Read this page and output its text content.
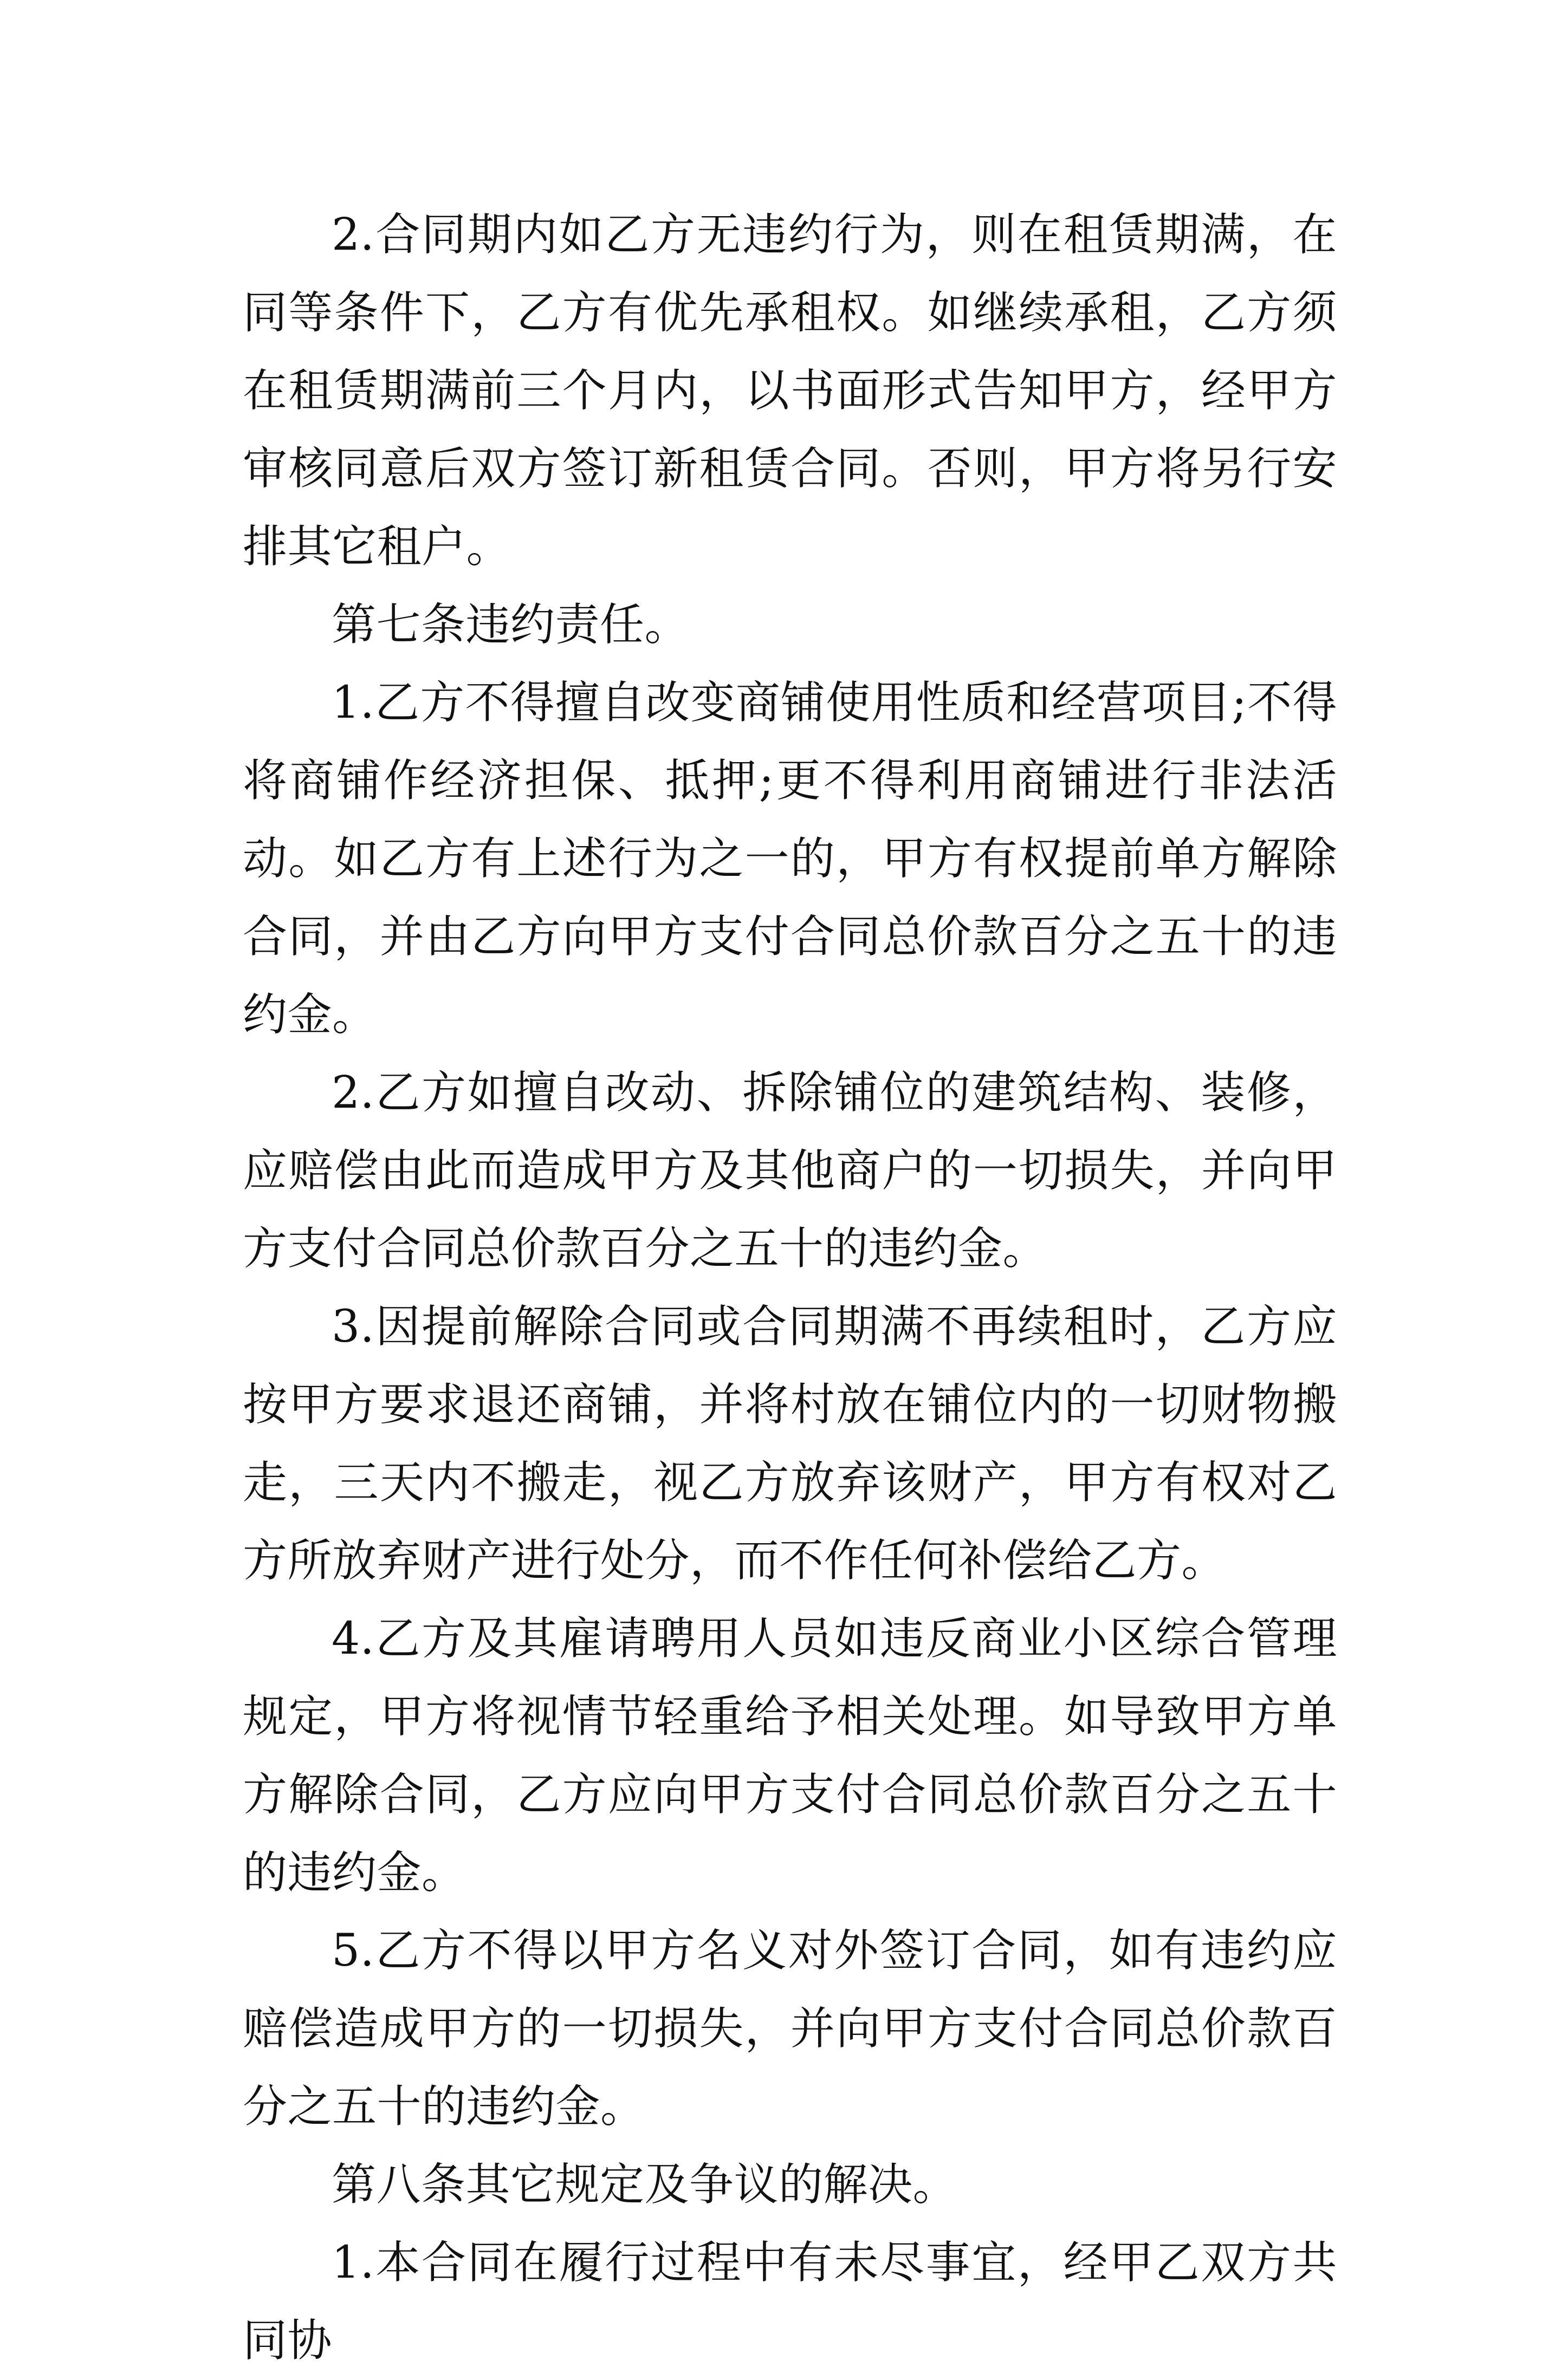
2.合同期内如乙方无违约行为，则在租赁期满，在同等条件下，乙方有优先承租权。如继续承租，乙方须在租赁期满前三个月内，以书面形式告知甲方，经甲方审核同意后双方签订新租赁合同。否则，甲方将另行安排其它租户。

第七条违约责任。

1.乙方不得擅自改变商铺使用性质和经营项目;不得将商铺作经济担保、抵押;更不得利用商铺进行非法活动。如乙方有上述行为之一的，甲方有权提前单方解除合同，并由乙方向甲方支付合同总价款百分之五十的违约金。

2.乙方如擅自改动、拆除铺位的建筑结构、装修，应赔偿由此而造成甲方及其他商户的一切损失，并向甲方支付合同总价款百分之五十的违约金。

3.因提前解除合同或合同期满不再续租时，乙方应按甲方要求退还商铺，并将村放在铺位内的一切财物搬走，三天内不搬走，视乙方放弃该财产，甲方有权对乙方所放弃财产进行处分，而不作任何补偿给乙方。

4.乙方及其雇请聘用人员如违反商业小区综合管理规定，甲方将视情节轻重给予相关处理。如导致甲方单方解除合同，乙方应向甲方支付合同总价款百分之五十的违约金。

5.乙方不得以甲方名义对外签订合同，如有违约应赔偿造成甲方的一切损失，并向甲方支付合同总价款百分之五十的违约金。

第八条其它规定及争议的解决。

1.本合同在履行过程中有未尽事宜，经甲乙双方共同协
